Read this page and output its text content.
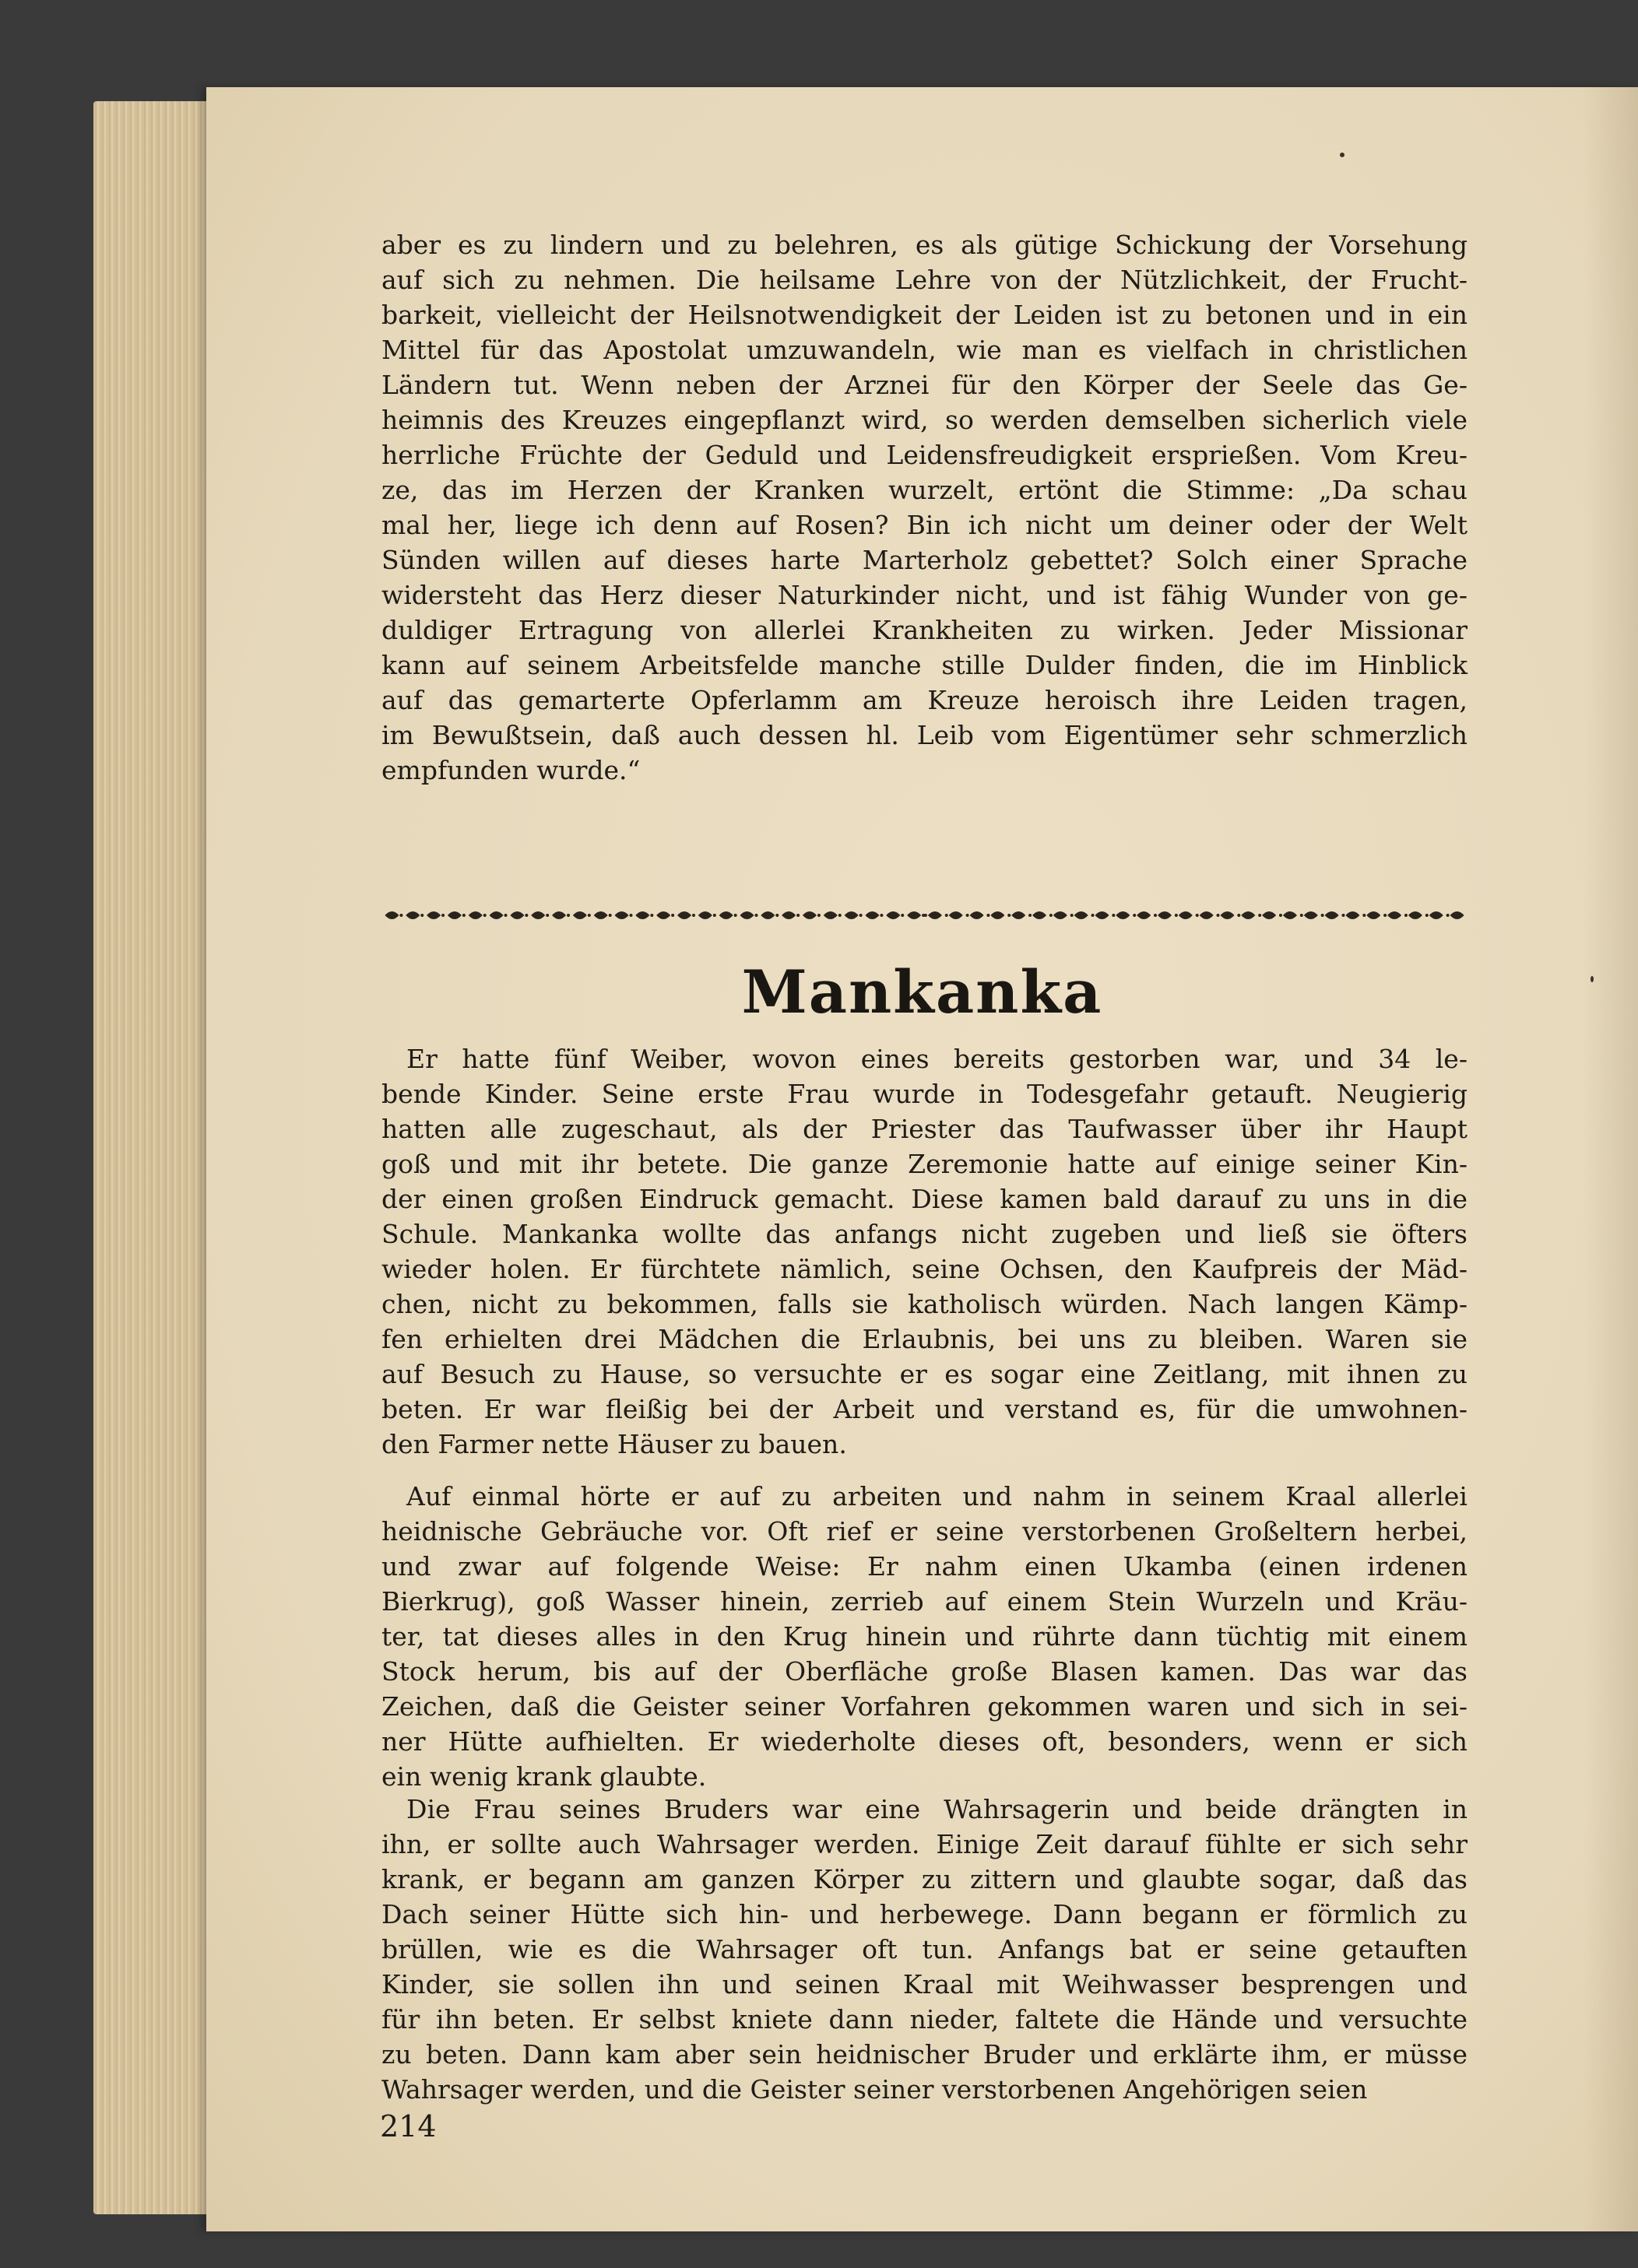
aber es zu lindern und zu belehren, es als gütige Schickung der Vorsehung
auf sich zu nehmen. Die heilsame Lehre von der Nützlichkeit, der Frucht-
barkeit, vielleicht der Heilsnotwendigkeit der Leiden ist zu betonen und in ein
Mittel für das Apostolat umzuwandeln, wie man es vielfach in christlichen
Ländern tut. Wenn neben der Arznei für den Körper der Seele das Ge-
heimnis des Kreuzes eingepflanzt wird, so werden demselben sicherlich viele
herrliche Früchte der Geduld und Leidensfreudigkeit ersprießen. Vom Kreu-
ze, das im Herzen der Kranken wurzelt, ertönt die Stimme: „Da schau
mal her, liege ich denn auf Rosen? Bin ich nicht um deiner oder der Welt
Sünden willen auf dieses harte Marterholz gebettet? Solch einer Sprache
widersteht das Herz dieser Naturkinder nicht, und ist fähig Wunder von ge-
duldiger Ertragung von allerlei Krankheiten zu wirken. Jeder Missionar
kann auf seinem Arbeitsfelde manche stille Dulder finden, die im Hinblick
auf das gemarterte Opferlamm am Kreuze heroisch ihre Leiden tragen,
im Bewußtsein, daß auch dessen hl. Leib vom Eigentümer sehr schmerzlich
empfunden wurde.“
Mankanka
Er hatte fünf Weiber, wovon eines bereits gestorben war, und 34 le-
bende Kinder. Seine erste Frau wurde in Todesgefahr getauft. Neugierig
hatten alle zugeschaut, als der Priester das Taufwasser über ihr Haupt
goß und mit ihr betete. Die ganze Zeremonie hatte auf einige seiner Kin-
der einen großen Eindruck gemacht. Diese kamen bald darauf zu uns in die
Schule. Mankanka wollte das anfangs nicht zugeben und ließ sie öfters
wieder holen. Er fürchtete nämlich, seine Ochsen, den Kaufpreis der Mäd-
chen, nicht zu bekommen, falls sie katholisch würden. Nach langen Kämp-
fen erhielten drei Mädchen die Erlaubnis, bei uns zu bleiben. Waren sie
auf Besuch zu Hause, so versuchte er es sogar eine Zeitlang, mit ihnen zu
beten. Er war fleißig bei der Arbeit und verstand es, für die umwohnen-
den Farmer nette Häuser zu bauen.
Auf einmal hörte er auf zu arbeiten und nahm in seinem Kraal allerlei
heidnische Gebräuche vor. Oft rief er seine verstorbenen Großeltern herbei,
und zwar auf folgende Weise: Er nahm einen Ukamba (einen irdenen
Bierkrug), goß Wasser hinein, zerrieb auf einem Stein Wurzeln und Kräu-
ter, tat dieses alles in den Krug hinein und rührte dann tüchtig mit einem
Stock herum, bis auf der Oberfläche große Blasen kamen. Das war das
Zeichen, daß die Geister seiner Vorfahren gekommen waren und sich in sei-
ner Hütte aufhielten. Er wiederholte dieses oft, besonders, wenn er sich
ein wenig krank glaubte.
Die Frau seines Bruders war eine Wahrsagerin und beide drängten in
ihn, er sollte auch Wahrsager werden. Einige Zeit darauf fühlte er sich sehr
krank, er begann am ganzen Körper zu zittern und glaubte sogar, daß das
Dach seiner Hütte sich hin- und herbewege. Dann begann er förmlich zu
brüllen, wie es die Wahrsager oft tun. Anfangs bat er seine getauften
Kinder, sie sollen ihn und seinen Kraal mit Weihwasser besprengen und
für ihn beten. Er selbst kniete dann nieder, faltete die Hände und versuchte
zu beten. Dann kam aber sein heidnischer Bruder und erklärte ihm, er müsse
Wahrsager werden, und die Geister seiner verstorbenen Angehörigen seien
214
